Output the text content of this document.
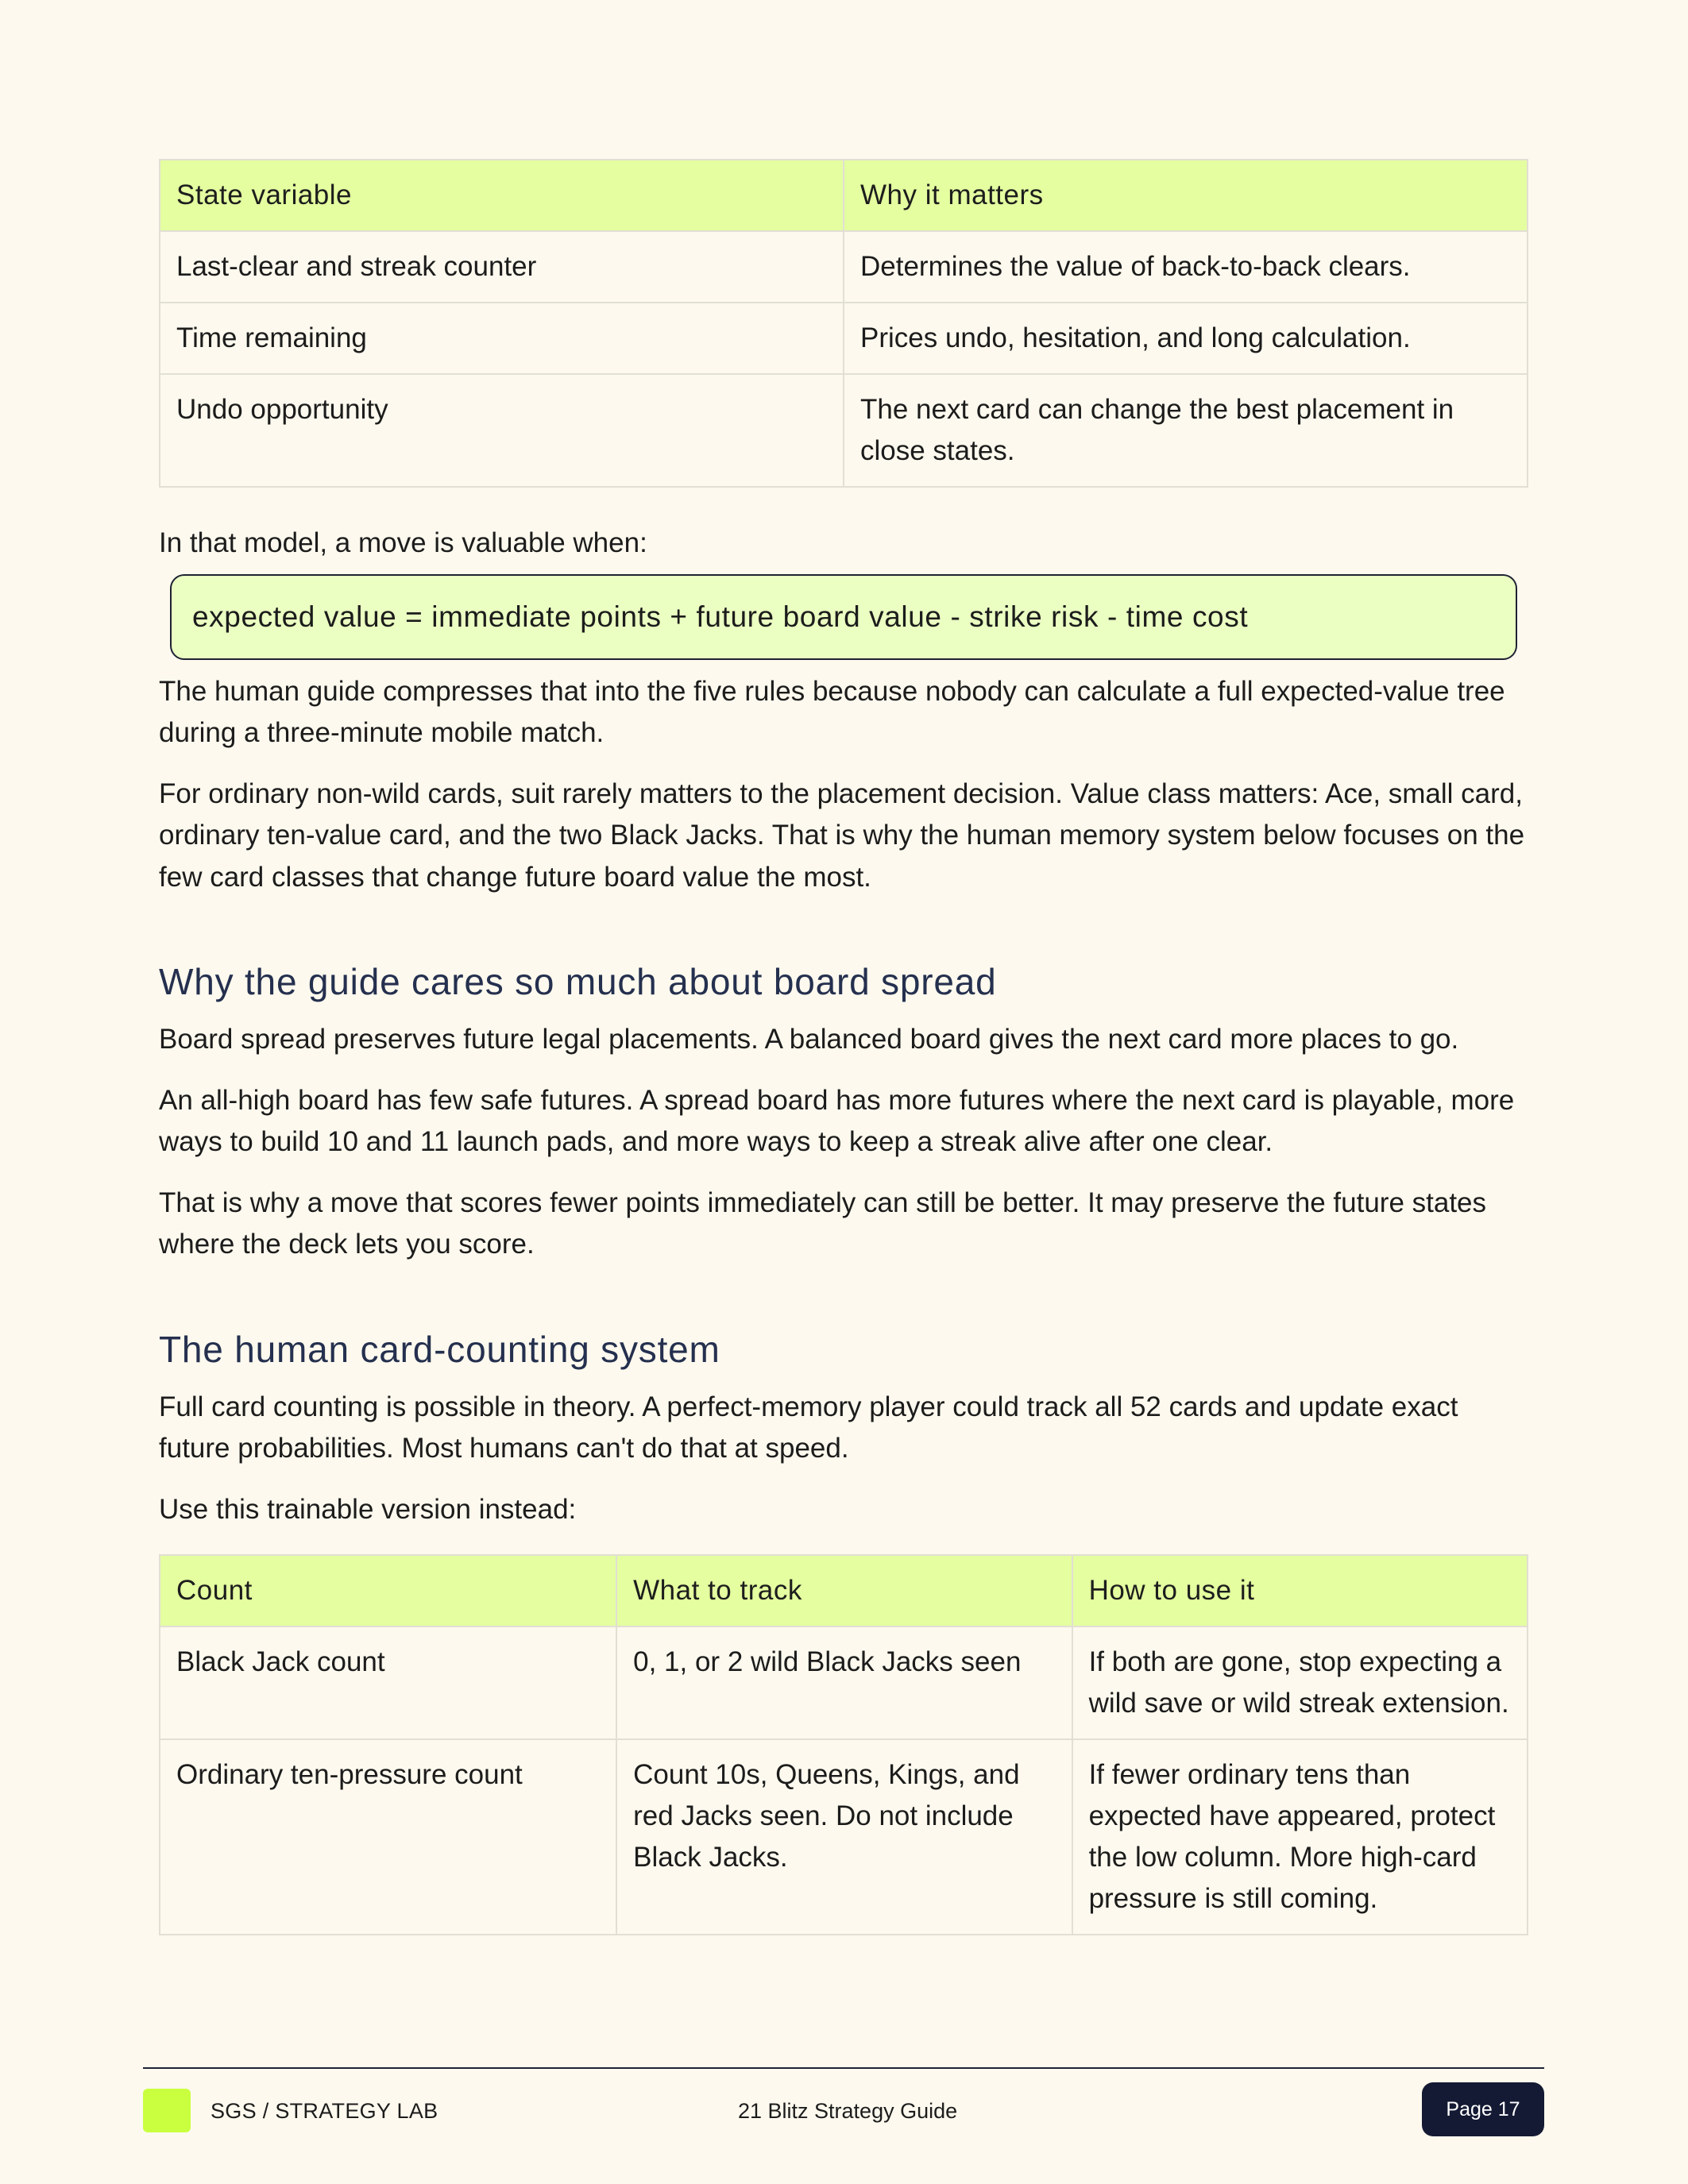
State variable	Why it matters
Last-clear and streak counter	Determines the value of back-to-back clears.
Time remaining	Prices undo, hesitation, and long calculation.
Undo opportunity	The next card can change the best placement in close states.

In that model, a move is valuable when:

expected value = immediate points + future board value - strike risk - time cost

The human guide compresses that into the five rules because nobody can calculate a full expected-value tree during a three-minute mobile match.

For ordinary non-wild cards, suit rarely matters to the placement decision. Value class matters: Ace, small card, ordinary ten-value card, and the two Black Jacks. That is why the human memory system below focuses on the few card classes that change future board value the most.

Why the guide cares so much about board spread

Board spread preserves future legal placements. A balanced board gives the next card more places to go.

An all-high board has few safe futures. A spread board has more futures where the next card is playable, more ways to build 10 and 11 launch pads, and more ways to keep a streak alive after one clear.

That is why a move that scores fewer points immediately can still be better. It may preserve the future states where the deck lets you score.

The human card-counting system

Full card counting is possible in theory. A perfect-memory player could track all 52 cards and update exact future probabilities. Most humans can't do that at speed.

Use this trainable version instead:

Count	What to track	How to use it
Black Jack count	0, 1, or 2 wild Black Jacks seen	If both are gone, stop expecting a wild save or wild streak extension.
Ordinary ten-pressure count	Count 10s, Queens, Kings, and red Jacks seen. Do not include Black Jacks.	If fewer ordinary tens than expected have appeared, protect the low column. More high-card pressure is still coming.
SGS / STRATEGY LAB	21 Blitz Strategy Guide	Page 17
